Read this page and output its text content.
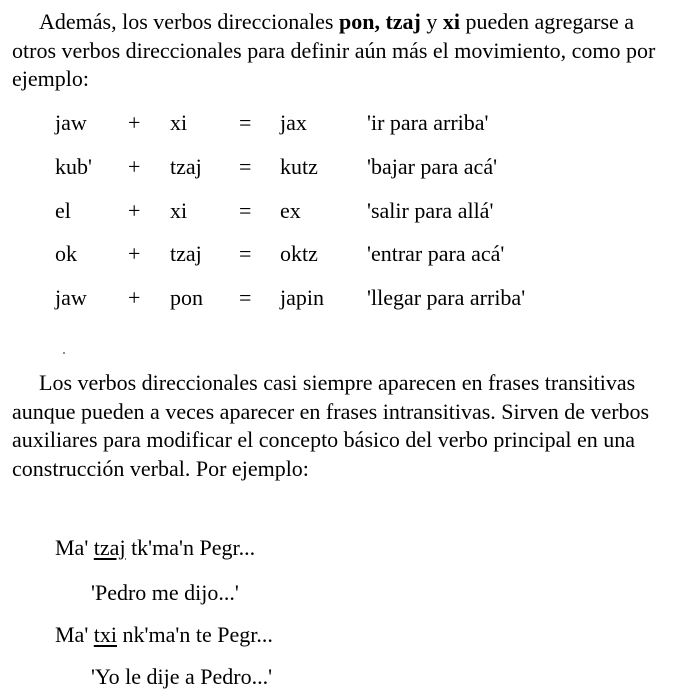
Además, los verbos direccionales pon, tzaj y xi pueden agregarse a otros verbos direccionales para definir aún más el movimiento, como por ejemplo:
jaw + xi = jax	'ir para arriba'
kub' + tzaj = kutz 'bajar para acá'
el	+ xi = ex	'salir para allá'
ok + tzaj = oktz 'entrar para acá'
jaw + pon = japin 'llegar para arriba'
Los verbos direccionales casi siempre aparecen en frases transitivas aunque pueden a veces aparecer en frases intransitivas. Sirven de verbos auxiliares para modificar el concepto básico del verbo principal en una construcción verbal. Por ejemplo:
Ma' tzaj tk'ma'n Pegr...
'Pedro me dijo...'
Ma' txi nk'ma'n te Pegr...
'Yo le dije a Pedro...'
